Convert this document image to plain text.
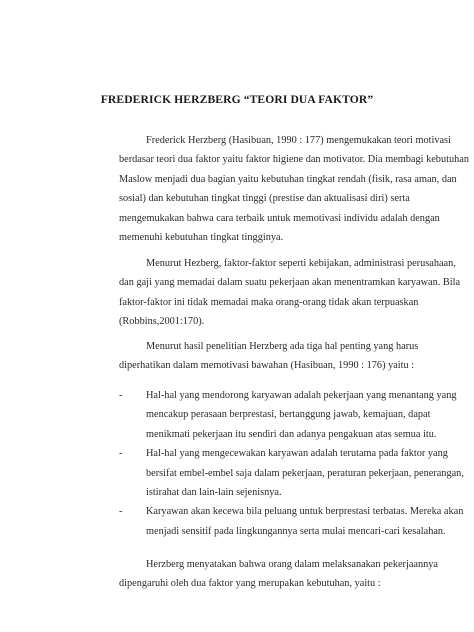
FREDERICK HERZBERG “TEORI DUA FAKTOR”
Frederick Herzberg (Hasibuan, 1990 : 177) mengemukakan teori motivasi
berdasar teori dua faktor yaitu faktor higiene dan motivator. Dia membagi kebutuhan
Maslow menjadi dua bagian yaitu kebutuhan tingkat rendah (fisik, rasa aman, dan
sosial) dan kebutuhan tingkat tinggi (prestise dan aktualisasi diri) serta
mengemukakan bahwa cara terbaik untuk memotivasi individu adalah dengan
memenuhi kebutuhan tingkat tingginya.
Menurut Hezberg, faktor-faktor seperti kebijakan, administrasi perusahaan,
dan gaji yang memadai dalam suatu pekerjaan akan menentramkan karyawan. Bila
faktor-faktor ini tidak memadai maka orang-orang tidak akan terpuaskan
(Robbins,2001:170).
Menurut hasil penelitian Herzberg ada tiga hal penting yang harus
diperhatikan dalam memotivasi bawahan (Hasibuan, 1990 : 176) yaitu :
- Hal-hal yang mendorong karyawan adalah pekerjaan yang menantang yang
mencakup perasaan berprestasi, bertanggung jawab, kemajuan, dapat
menikmati pekerjaan itu sendiri dan adanya pengakuan atas semua itu.
- Hal-hal yang mengecewakan karyawan adalah terutama pada faktor yang
bersifat embel-embel saja dalam pekerjaan, peraturan pekerjaan, penerangan,
istirahat dan lain-lain sejenisnya.
- Karyawan akan kecewa bila peluang untuk berprestasi terbatas. Mereka akan
menjadi sensitif pada lingkungannya serta mulai mencari-cari kesalahan.
Herzberg menyatakan bahwa orang dalam melaksanakan pekerjaannya
dipengaruhi oleh dua faktor yang merupakan kebutuhan, yaitu :
